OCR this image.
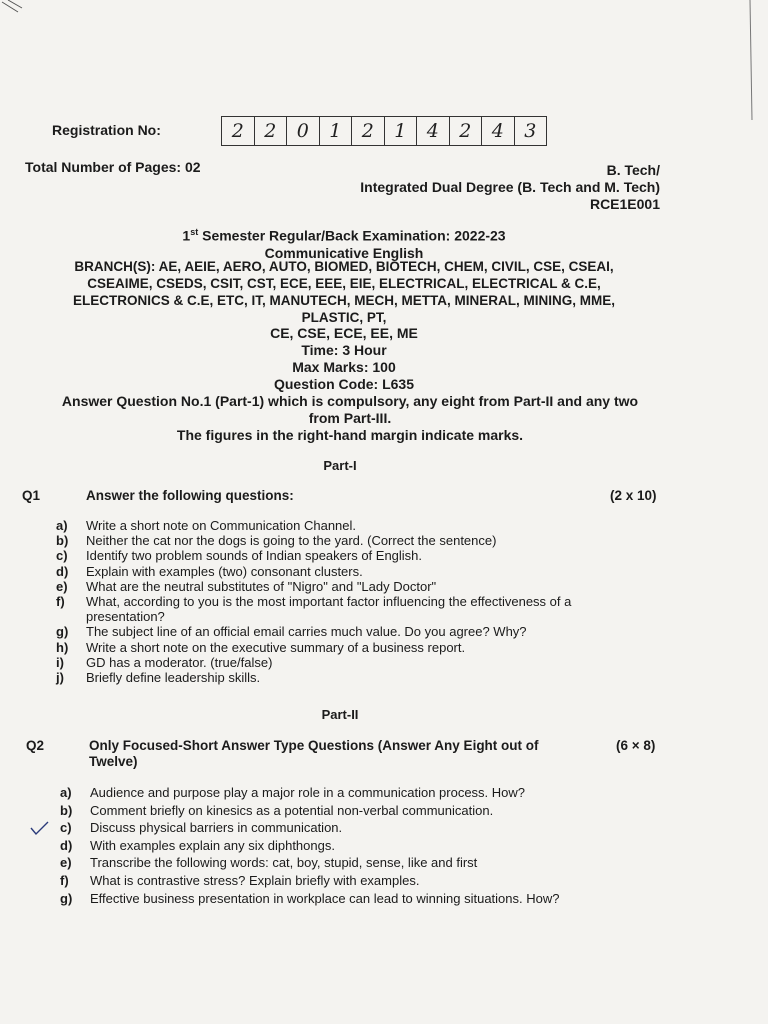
Registration No:	2	2	0	1	2	1	4	2	4	3
Total Number of Pages: 02	B. Tech/
Integrated Dual Degree (B. Tech and M. Tech)
RCE1E001
1st Semester Regular/Back Examination: 2022-23
Communicative English
BRANCH(S): AE, AEIE, AERO, AUTO, BIOMED, BIOTECH, CHEM, CIVIL, CSE, CSEAI,
CSEAIME, CSEDS, CSIT, CST, ECE, EEE, EIE, ELECTRICAL, ELECTRICAL & C.E,
ELECTRONICS & C.E, ETC, IT, MANUTECH, MECH, METTA, MINERAL, MINING, MME,
PLASTIC, PT,
CE, CSE, ECE, EE, ME
Time: 3 Hour
Max Marks: 100
Question Code: L635
Answer Question No.1 (Part-1) which is compulsory, any eight from Part-II and any two
from Part-III.
The figures in the right-hand margin indicate marks.
Part-I
Q1	Answer the following questions:	(2 x 10)
a)	Write a short note on Communication Channel.
b)	Neither the cat nor the dogs is going to the yard. (Correct the sentence)
c)	Identify two problem sounds of Indian speakers of English.
d)	Explain with examples (two) consonant clusters.
e)	What are the neutral substitutes of "Nigro" and "Lady Doctor"
f)	What, according to you is the most important factor influencing the effectiveness of a presentation?
g)	The subject line of an official email carries much value. Do you agree? Why?
h)	Write a short note on the executive summary of a business report.
i)	GD has a moderator. (true/false)
j)	Briefly define leadership skills.
Part-II
Q2	Only Focused-Short Answer Type Questions (Answer Any Eight out of
Twelve)
(6 × 8)
a)	Audience and purpose play a major role in a communication process. How?
b)	Comment briefly on kinesics as a potential non-verbal communication.
c)	Discuss physical barriers in communication.
d)	With examples explain any six diphthongs.
e)	Transcribe the following words: cat, boy, stupid, sense, like and first
f)	What is contrastive stress? Explain briefly with examples.
g)	Effective business presentation in workplace can lead to winning situations. How?
